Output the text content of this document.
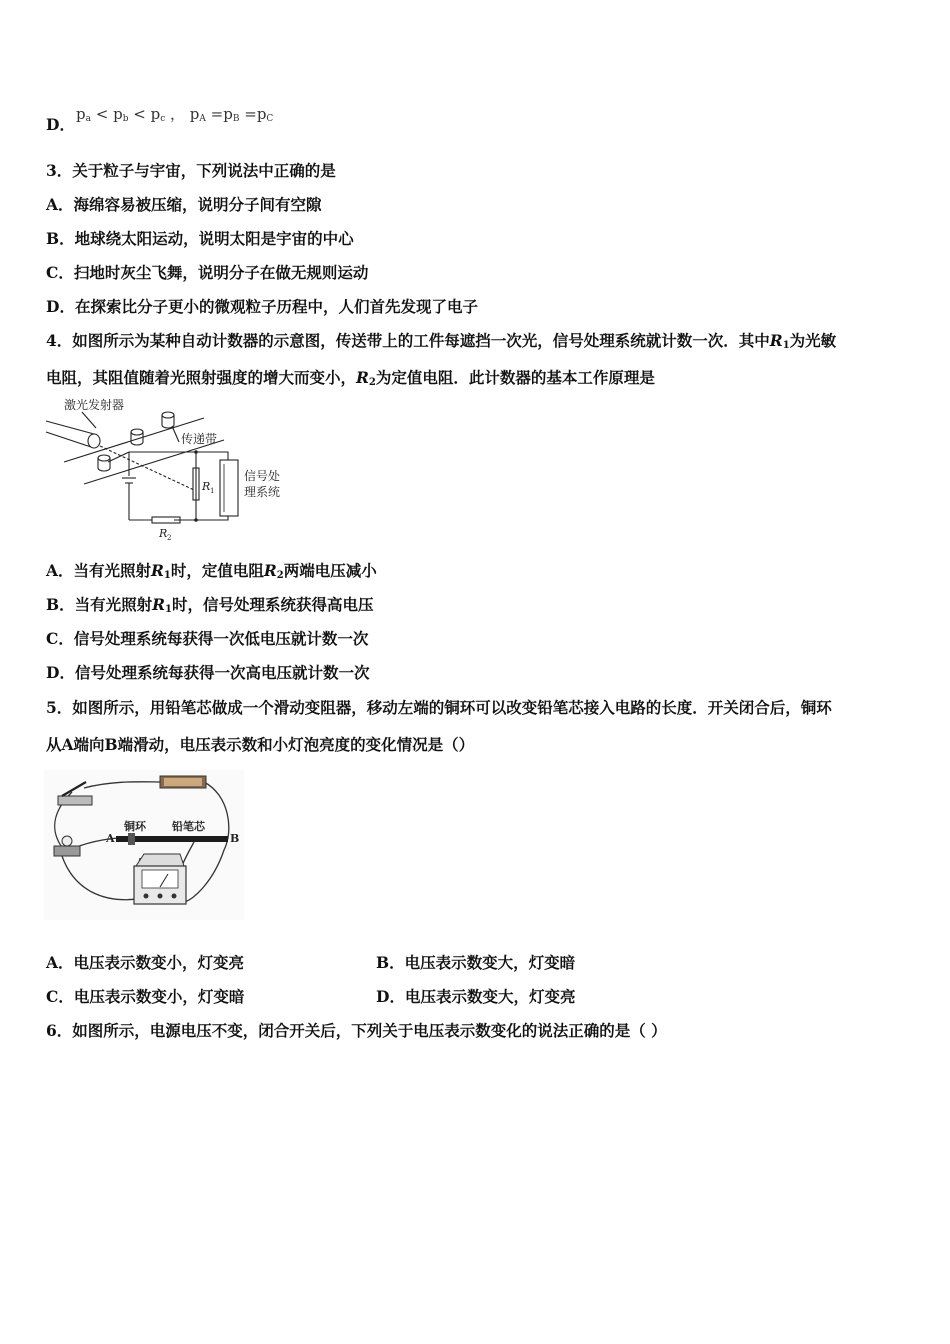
D．
$p_a < p_b < p_c$ ， $p_A =p_B =p_C$
3．关于粒子与宇宙，下列说法中正确的是
A．海绵容易被压缩，说明分子间有空隙
B．地球绕太阳运动，说明太阳是宇宙的中心
C．扫地时灰尘飞舞，说明分子在做无规则运动
D．在探索比分子更小的微观粒子历程中，人们首先发现了电子
4．如图所示为某种自动计数器的示意图，传送带上的工件每遮挡一次光，信号处理系统就计数一次．其中$R_1$为光敏
电阻，其阻值随着光照射强度的增大而变小，$R_2$为定值电阻．此计数器的基本工作原理是
激光发射器
传递带
信号处
理系统
R 1
R 2
A．当有光照射$R_1$时，定值电阻$R_2$两端电压减小
B．当有光照射$R_1$时，信号处理系统获得高电压
C．信号处理系统每获得一次低电压就计数一次
D．信号处理系统每获得一次高电压就计数一次
5．如图所示，用铅笔芯做成一个滑动变阻器，移动左端的铜环可以改变铅笔芯接入电路的长度．开关闭合后，铜环
从A端向B端滑动，电压表示数和小灯泡亮度的变化情况是（）
A	B
铜环 铅笔芯
A．电压表示数变小，灯变亮	B．电压表示数变大，灯变暗
C．电压表示数变小，灯变暗	D．电压表示数变大，灯变亮
6．如图所示，电源电压不变，闭合开关后，下列关于电压表示数变化的说法正确的是（ ）
